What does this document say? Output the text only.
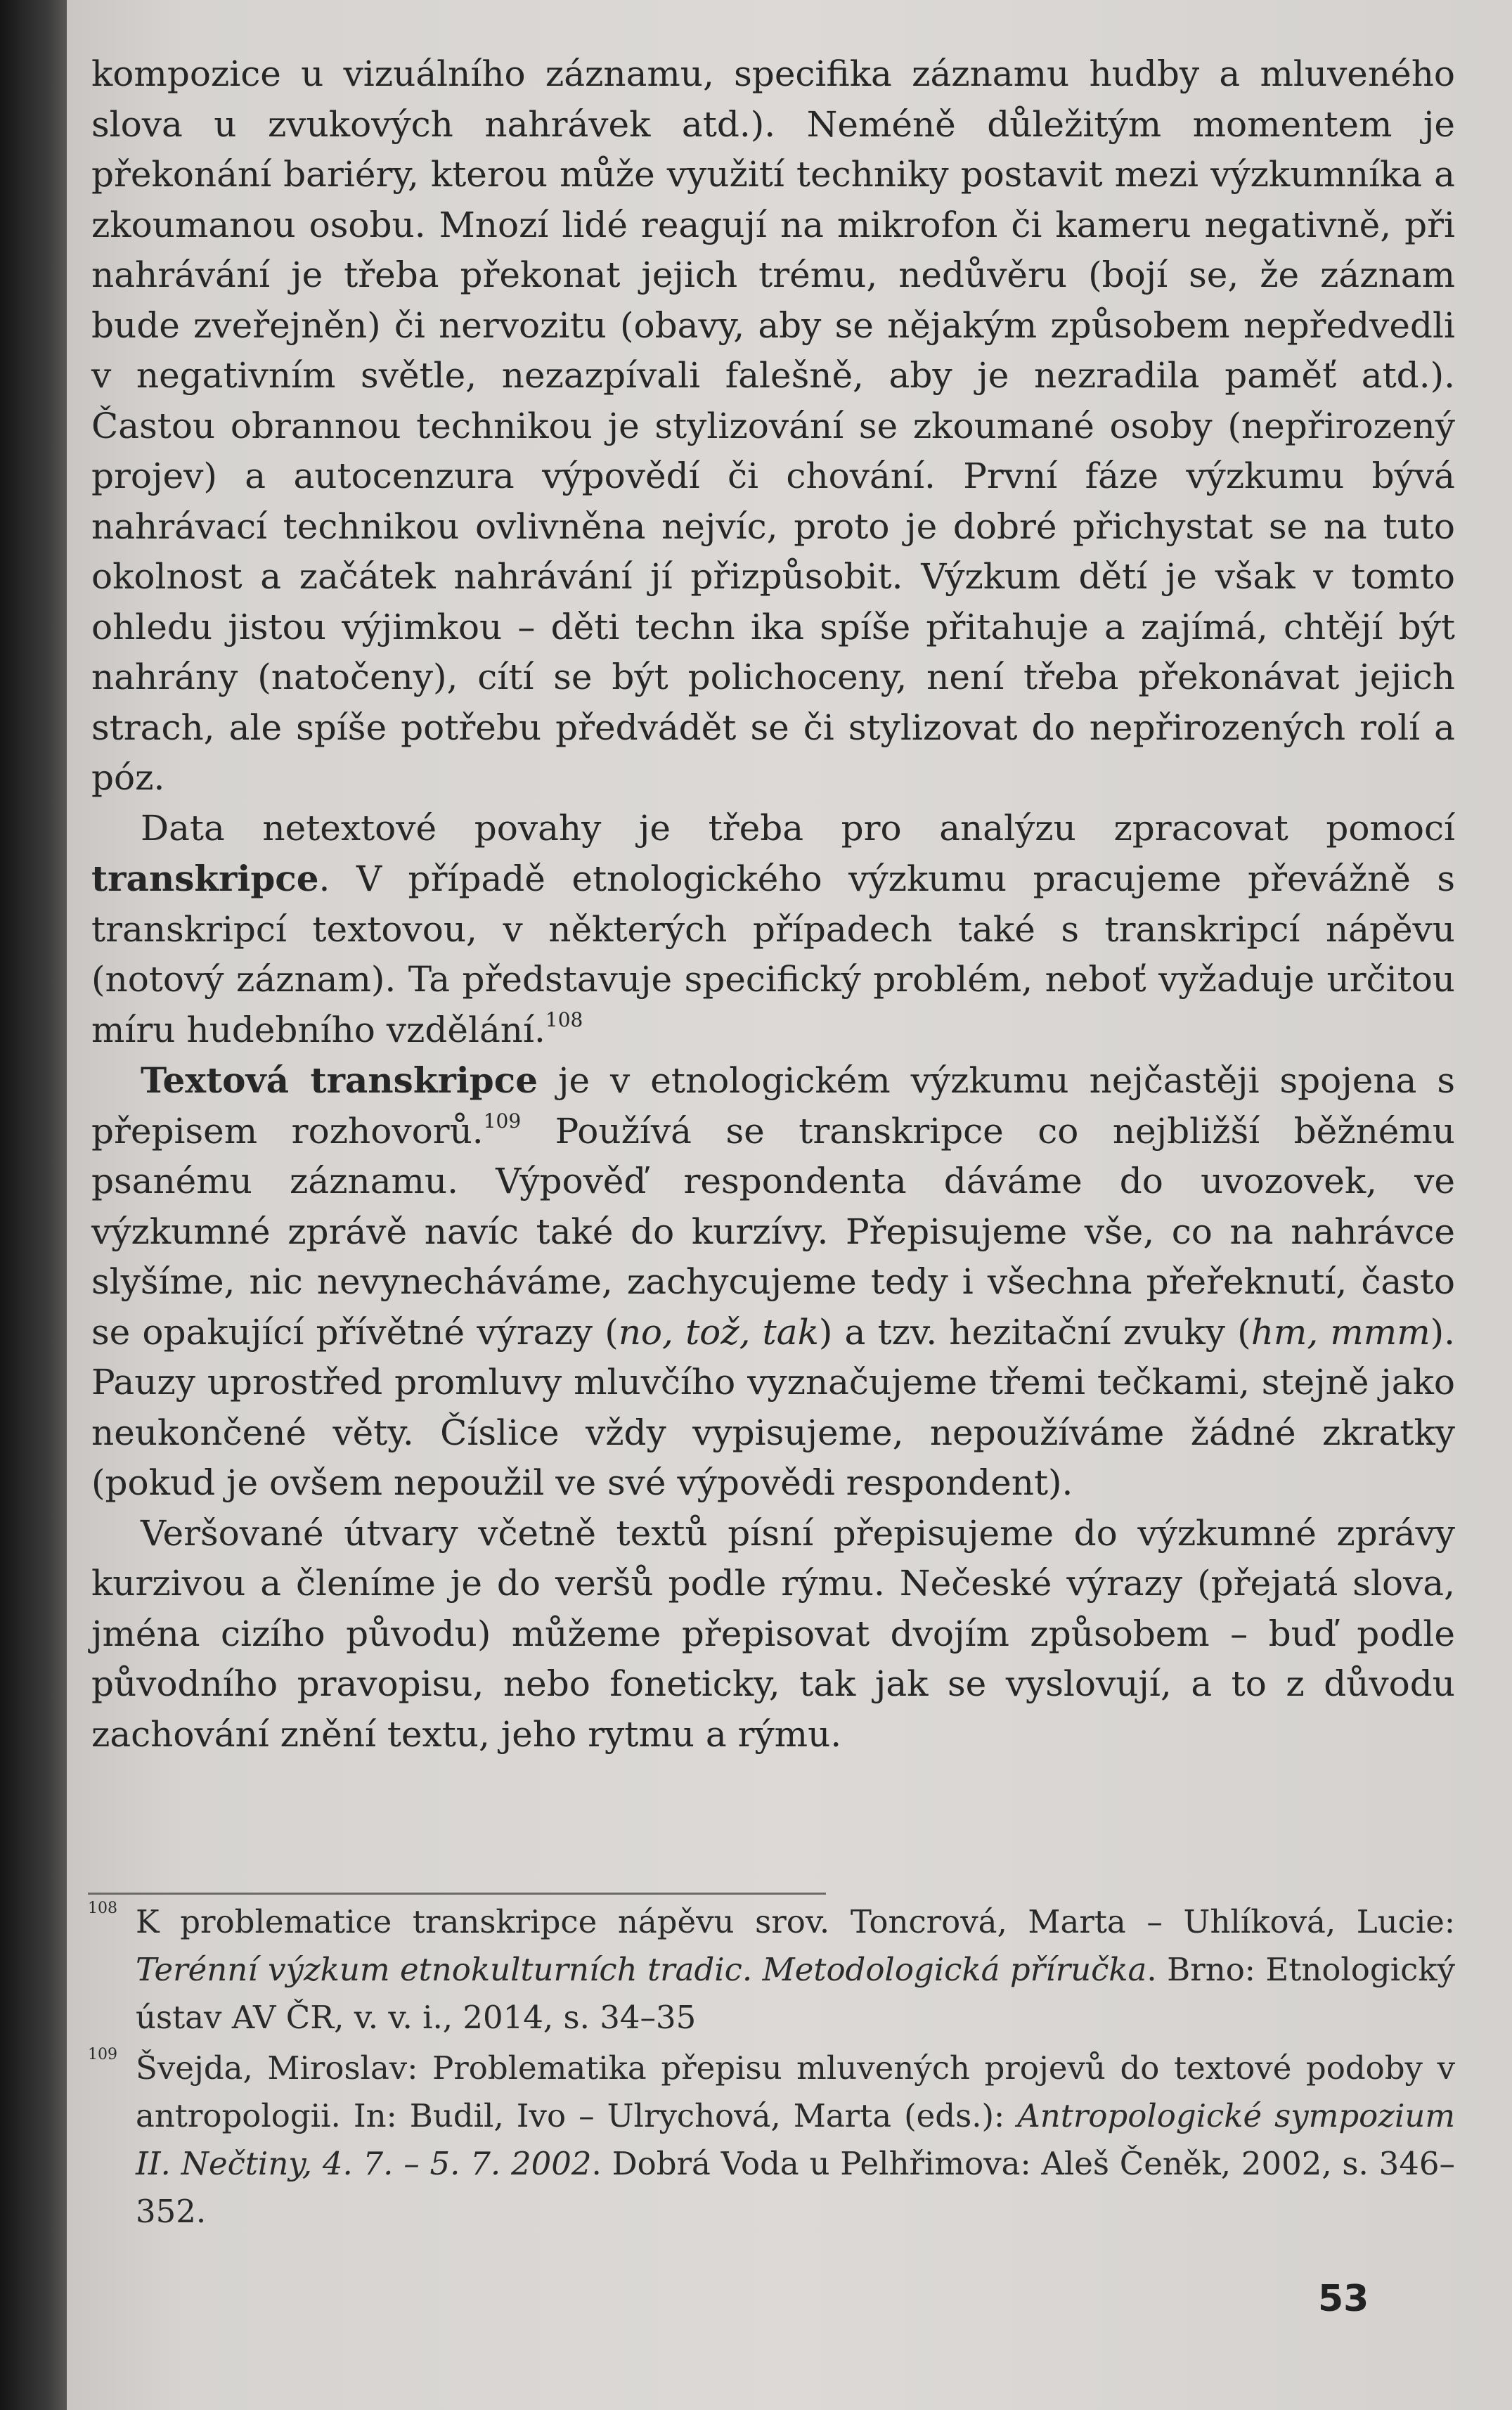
kompozice u vizuálního záznamu, specifika záznamu hudby a mluveného slova u zvukových nahrávek atd.). Neméně důležitým momentem je překonání bariéry, kterou může využití techniky postavit mezi výzkumníka a zkoumanou osobu. Mnozí lidé reagují na mikrofon či kameru negativně, při nahrávání je třeba překonat jejich trému, nedůvěru (bojí se, že záznam bude zveřejněn) či nervozitu (obavy, aby se nějakým způsobem nepředvedli v negativním světle, nezazpívali falešně, aby je nezradila paměť atd.). Častou obrannou technikou je stylizování se zkoumané osoby (nepřirozený projev) a autocenzura výpovědí či chování. První fáze výzkumu bývá nahrávací technikou ovlivněna nejvíc, proto je dobré přichystat se na tuto okolnost a začátek nahrávání jí přizpůsobit. Výzkum dětí je však v tomto ohledu jistou výjimkou – děti techn ika spíše přitahuje a zajímá, chtějí být nahrány (natočeny), cítí se být polichoceny, není třeba překonávat jejich strach, ale spíše potřebu předvádět se či stylizovat do nepřirozených rolí a póz.

Data netextové povahy je třeba pro analýzu zpracovat pomocí transkripce. V případě etnologického výzkumu pracujeme převážně s transkripcí textovou, v některých případech také s transkripcí nápěvu (notový záznam). Ta představuje specifický problém, neboť vyžaduje určitou míru hudebního vzdělání.$^{108}$

Textová transkripce je v etnologickém výzkumu nejčastěji spojena s přepisem rozhovorů.$^{109}$ Používá se transkripce co nejbližší běžnému psanému záznamu. Výpověď respondenta dáváme do uvozovek, ve výzkumné zprávě navíc také do kurzívy. Přepisujeme vše, co na nahrávce slyšíme, nic nevynecháváme, zachycujeme tedy i všechna přeřeknutí, často se opakující přívětné výrazy (no, tož, tak) a tzv. hezitační zvuky (hm, mmm). Pauzy uprostřed promluvy mluvčího vyznačujeme třemi tečkami, stejně jako neukončené věty. Číslice vždy vypisujeme, nepoužíváme žádné zkratky (pokud je ovšem nepoužil ve své výpovědi respondent).

Veršované útvary včetně textů písní přepisujeme do výzkumné zprávy kurzivou a členíme je do veršů podle rýmu. Nečeské výrazy (přejatá slova, jména cizího původu) můžeme přepisovat dvojím způsobem – buď podle původního pravopisu, nebo foneticky, tak jak se vyslovují, a to z důvodu zachování znění textu, jeho rytmu a rýmu.

108 K problematice transkripce nápěvu srov. Toncrová, Marta – Uhlíková, Lucie: Terénní výzkum etnokulturních tradic. Metodologická příručka. Brno: Etnologický ústav AV ČR, v. v. i., 2014, s. 34–35
109 Švejda, Miroslav: Problematika přepisu mluvených projevů do textové podoby v antropologii. In: Budil, Ivo – Ulrychová, Marta (eds.): Antropologické sympozium II. Nečtiny, 4. 7. – 5. 7. 2002. Dobrá Voda u Pelhřimova: Aleš Čeněk, 2002, s. 346–352.
53
